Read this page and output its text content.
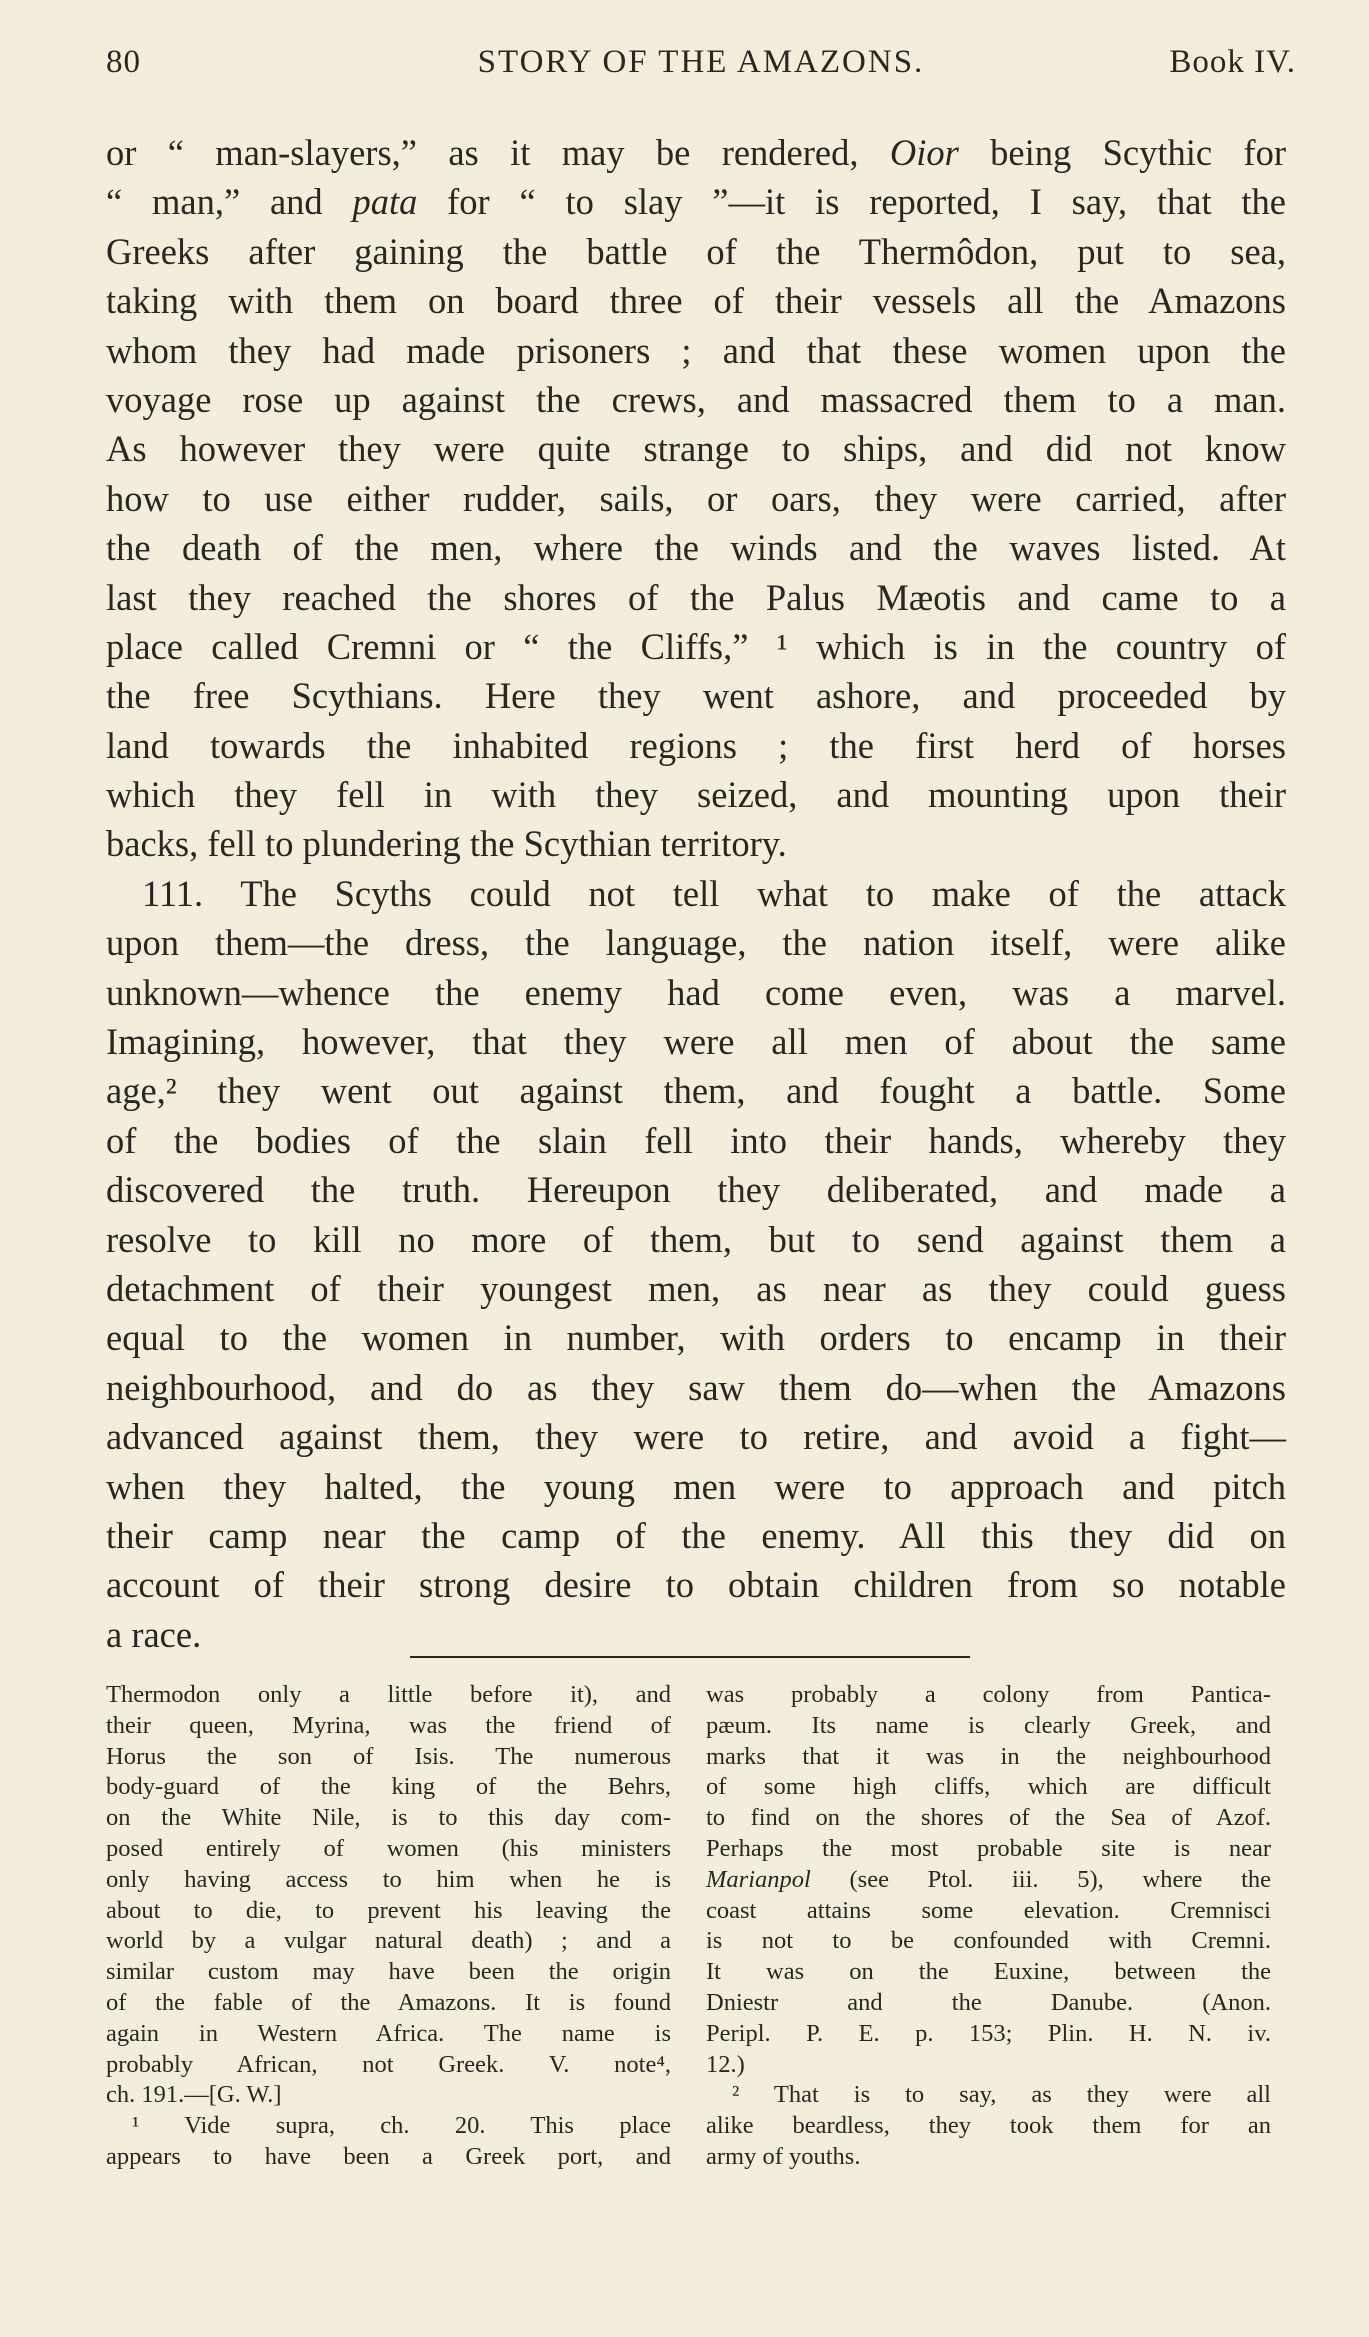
80	STORY OF THE AMAZONS.	Book IV.
or “ man-slayers,” as it may be rendered, Oior being Scythic for
“ man,” and pata for “ to slay ”—it is reported, I say, that the
Greeks after gaining the battle of the Thermôdon, put to sea,
taking with them on board three of their vessels all the Amazons
whom they had made prisoners ; and that these women upon the
voyage rose up against the crews, and massacred them to a man.
As however they were quite strange to ships, and did not know
how to use either rudder, sails, or oars, they were carried, after
the death of the men, where the winds and the waves listed. At
last they reached the shores of the Palus Mæotis and came to a
place called Cremni or “ the Cliffs,” ¹ which is in the country of
the free Scythians. Here they went ashore, and proceeded by
land towards the inhabited regions ; the first herd of horses
which they fell in with they seized, and mounting upon their
backs, fell to plundering the Scythian territory.
111. The Scyths could not tell what to make of the attack
upon them—the dress, the language, the nation itself, were alike
unknown—whence the enemy had come even, was a marvel.
Imagining, however, that they were all men of about the same
age,² they went out against them, and fought a battle. Some
of the bodies of the slain fell into their hands, whereby they
discovered the truth. Hereupon they deliberated, and made a
resolve to kill no more of them, but to send against them a
detachment of their youngest men, as near as they could guess
equal to the women in number, with orders to encamp in their
neighbourhood, and do as they saw them do—when the Amazons
advanced against them, they were to retire, and avoid a fight—
when they halted, the young men were to approach and pitch
their camp near the camp of the enemy. All this they did on
account of their strong desire to obtain children from so notable
a race.
Thermodon only a little before it), and
their queen, Myrina, was the friend of
Horus the son of Isis. The numerous
body-guard of the king of the Behrs,
on the White Nile, is to this day com-
posed entirely of women (his ministers
only having access to him when he is
about to die, to prevent his leaving the
world by a vulgar natural death) ; and a
similar custom may have been the origin
of the fable of the Amazons. It is found
again in Western Africa. The name is
probably African, not Greek. V. note⁴,
ch. 191.—[G. W.]
¹ Vide supra, ch. 20. This place
appears to have been a Greek port, and
was probably a colony from Pantica-
pæum. Its name is clearly Greek, and
marks that it was in the neighbourhood
of some high cliffs, which are difficult
to find on the shores of the Sea of Azof.
Perhaps the most probable site is near
Marianpol (see Ptol. iii. 5), where the
coast attains some elevation. Cremnisci
is not to be confounded with Cremni.
It was on the Euxine, between the
Dniestr and the Danube. (Anon.
Peripl. P. E. p. 153; Plin. H. N. iv.
12.)
² That is to say, as they were all
alike beardless, they took them for an
army of youths.
